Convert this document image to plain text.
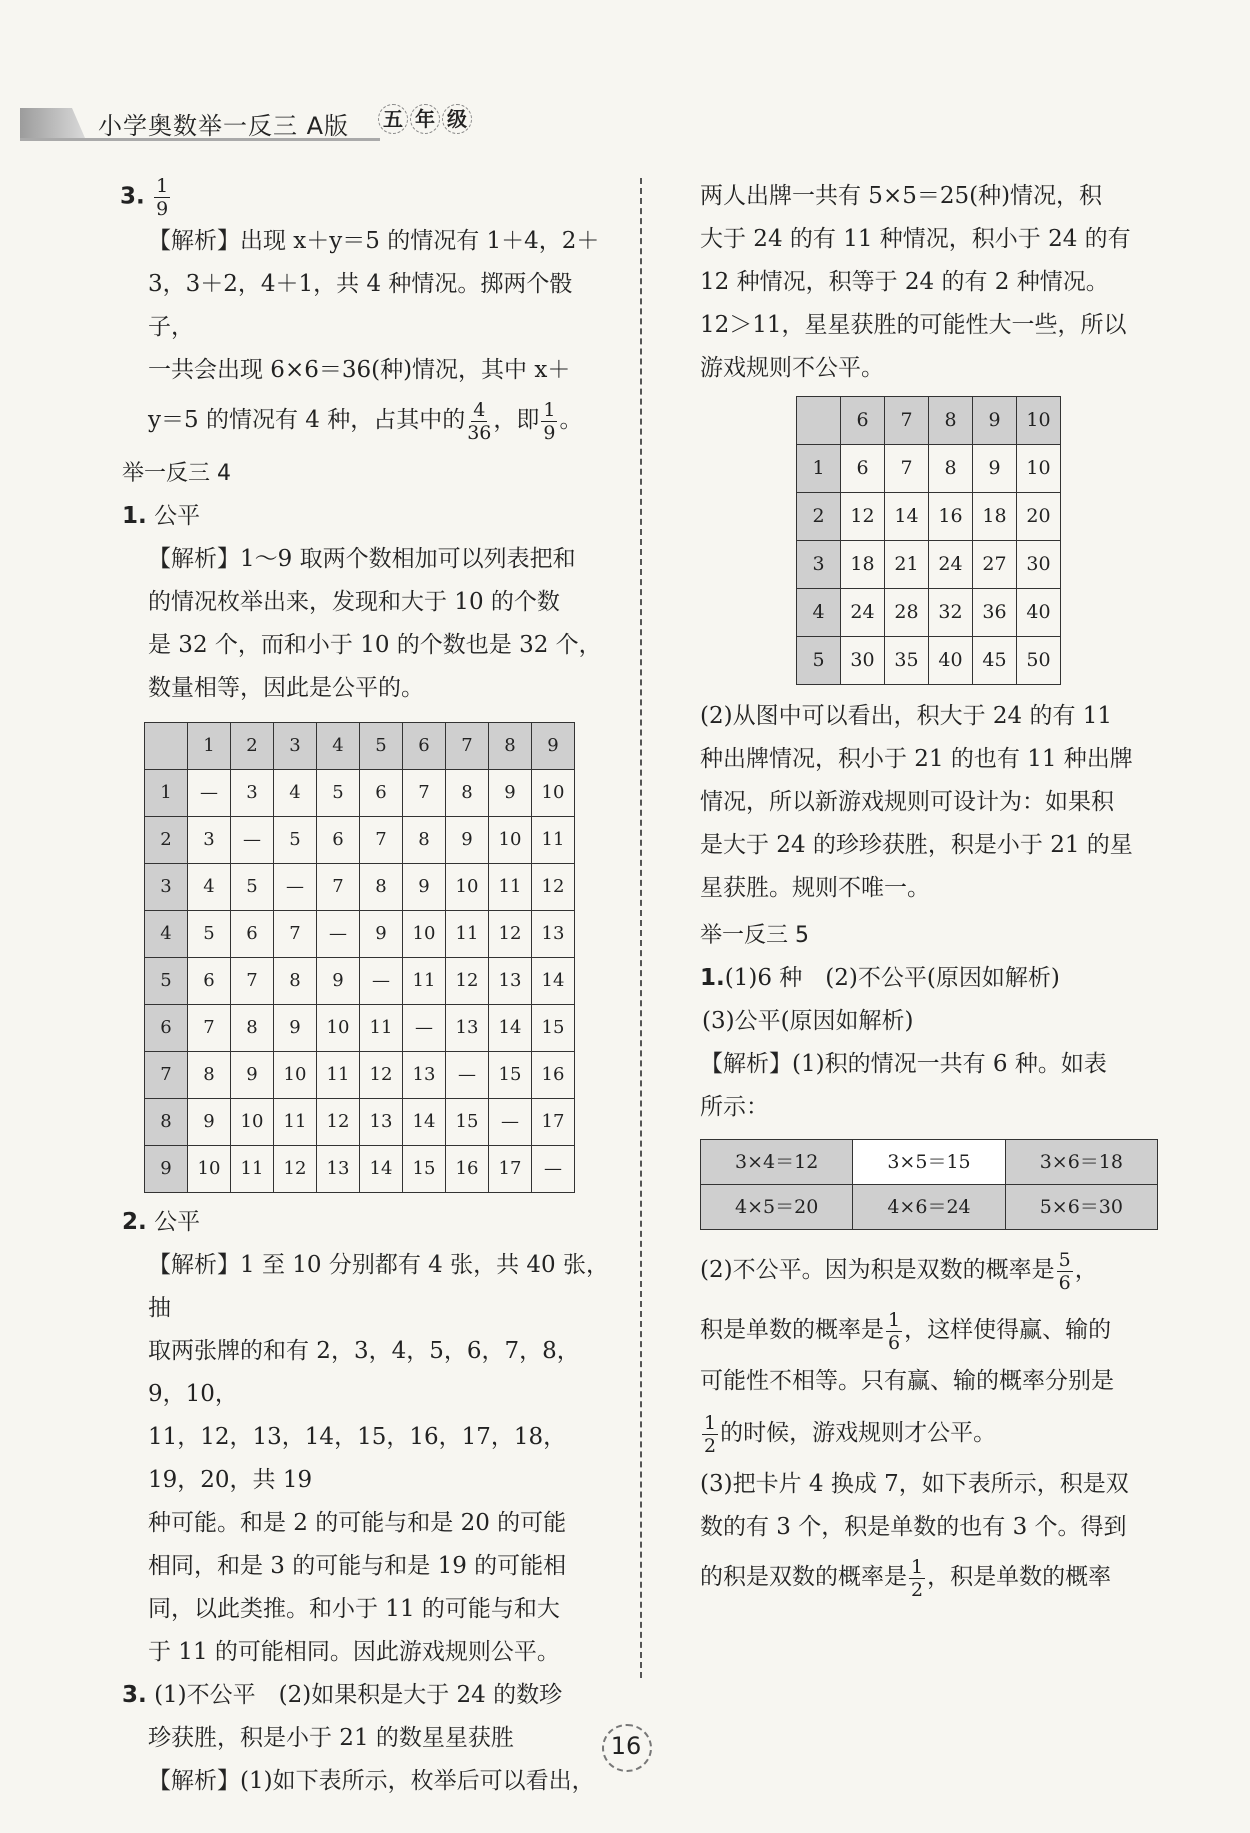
小学奥数举一反三 A版 五 年 级

3. $\frac{1}{9}$

【解析】出现 x＋y＝5 的情况有 1＋4，2＋

3，3＋2，4＋1，共 4 种情况。掷两个骰子，

一共会出现 6×6＝36(种)情况，其中 x＋

y＝5 的情况有 4 种，占其中的 $\frac{4}{36}$ ，即 $\frac{1}{9}$ 。

举一反三 4

1. 公平

【解析】1～9 取两个数相加可以列表把和

的情况枚举出来，发现和大于 10 的个数

是 32 个，而和小于 10 的个数也是 32 个，

数量相等，因此是公平的。

	1	2	3	4	5	6	7	8	9
1	—	3	4	5	6	7	8	9	10
2	3	—	5	6	7	8	9	10	11
3	4	5	—	7	8	9	10	11	12
4	5	6	7	—	9	10	11	12	13
5	6	7	8	9	—	11	12	13	14
6	7	8	9	10	11	—	13	14	15
7	8	9	10	11	12	13	—	15	16
8	9	10	11	12	13	14	15	—	17
9	10	11	12	13	14	15	16	17	—

2. 公平

【解析】1 至 10 分别都有 4 张，共 40 张，抽

取两张牌的和有 2，3，4，5，6，7，8，9，10，

11，12，13，14，15，16，17，18，19，20，共 19

种可能。和是 2 的可能与和是 20 的可能

相同，和是 3 的可能与和是 19 的可能相

同，以此类推。和小于 11 的可能与和大

于 11 的可能相同。因此游戏规则公平。

3. (1)不公平　(2)如果积是大于 24 的数珍

珍获胜，积是小于 21 的数星星获胜

【解析】(1)如下表所示，枚举后可以看出，

两人出牌一共有 5×5＝25(种)情况，积

大于 24 的有 11 种情况，积小于 24 的有

12 种情况，积等于 24 的有 2 种情况。

12＞11，星星获胜的可能性大一些，所以

游戏规则不公平。

	6	7	8	9	10
1	6	7	8	9	10
2	12	14	16	18	20
3	18	21	24	27	30
4	24	28	32	36	40
5	30	35	40	45	50

(2)从图中可以看出，积大于 24 的有 11

种出牌情况，积小于 21 的也有 11 种出牌

情况，所以新游戏规则可设计为：如果积

是大于 24 的珍珍获胜，积是小于 21 的星

星获胜。规则不唯一。

举一反三 5

1.(1)6 种　(2)不公平(原因如解析)

(3)公平(原因如解析)

【解析】(1)积的情况一共有 6 种。如表

所示：

3×4＝12	3×5＝15	3×6＝18
4×5＝20	4×6＝24	5×6＝30

(2)不公平。因为积是双数的概率是 $\frac{5}{6}$ ，

积是单数的概率是 $\frac{1}{6}$ ，这样使得赢、输的

可能性不相等。只有赢、输的概率分别是

$\frac{1}{2}$ 的时候，游戏规则才公平。

(3)把卡片 4 换成 7，如下表所示，积是双

数的有 3 个，积是单数的也有 3 个。得到

的积是双数的概率是 $\frac{1}{2}$ ，积是单数的概率

16
